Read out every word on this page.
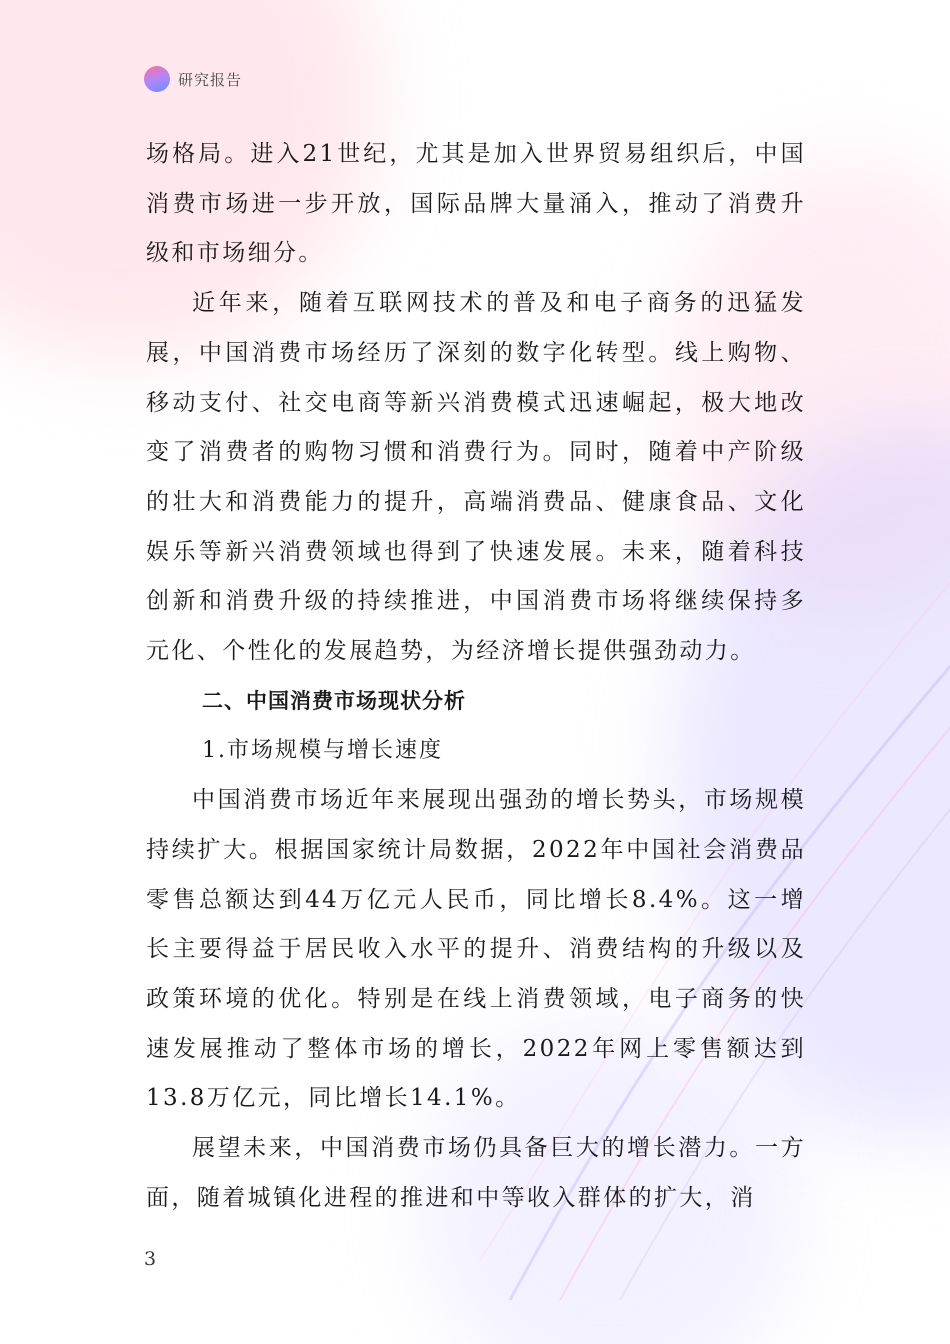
研究报告

场格局。进入21世纪，尤其是加入世界贸易组织后，中国消费市场进一步开放，国际品牌大量涌入，推动了消费升级和市场细分。

近年来，随着互联网技术的普及和电子商务的迅猛发展，中国消费市场经历了深刻的数字化转型。线上购物、移动支付、社交电商等新兴消费模式迅速崛起，极大地改变了消费者的购物习惯和消费行为。同时，随着中产阶级的壮大和消费能力的提升，高端消费品、健康食品、文化娱乐等新兴消费领域也得到了快速发展。未来，随着科技创新和消费升级的持续推进，中国消费市场将继续保持多元化、个性化的发展趋势，为经济增长提供强劲动力。

二、中国消费市场现状分析

1.市场规模与增长速度

中国消费市场近年来展现出强劲的增长势头，市场规模持续扩大。根据国家统计局数据，2022年中国社会消费品零售总额达到44万亿元人民币，同比增长8.4%。这一增长主要得益于居民收入水平的提升、消费结构的升级以及政策环境的优化。特别是在线上消费领域，电子商务的快速发展推动了整体市场的增长，2022年网上零售额达到13.8万亿元，同比增长14.1%。

展望未来，中国消费市场仍具备巨大的增长潜力。一方面，随着城镇化进程的推进和中等收入群体的扩大，消

3
